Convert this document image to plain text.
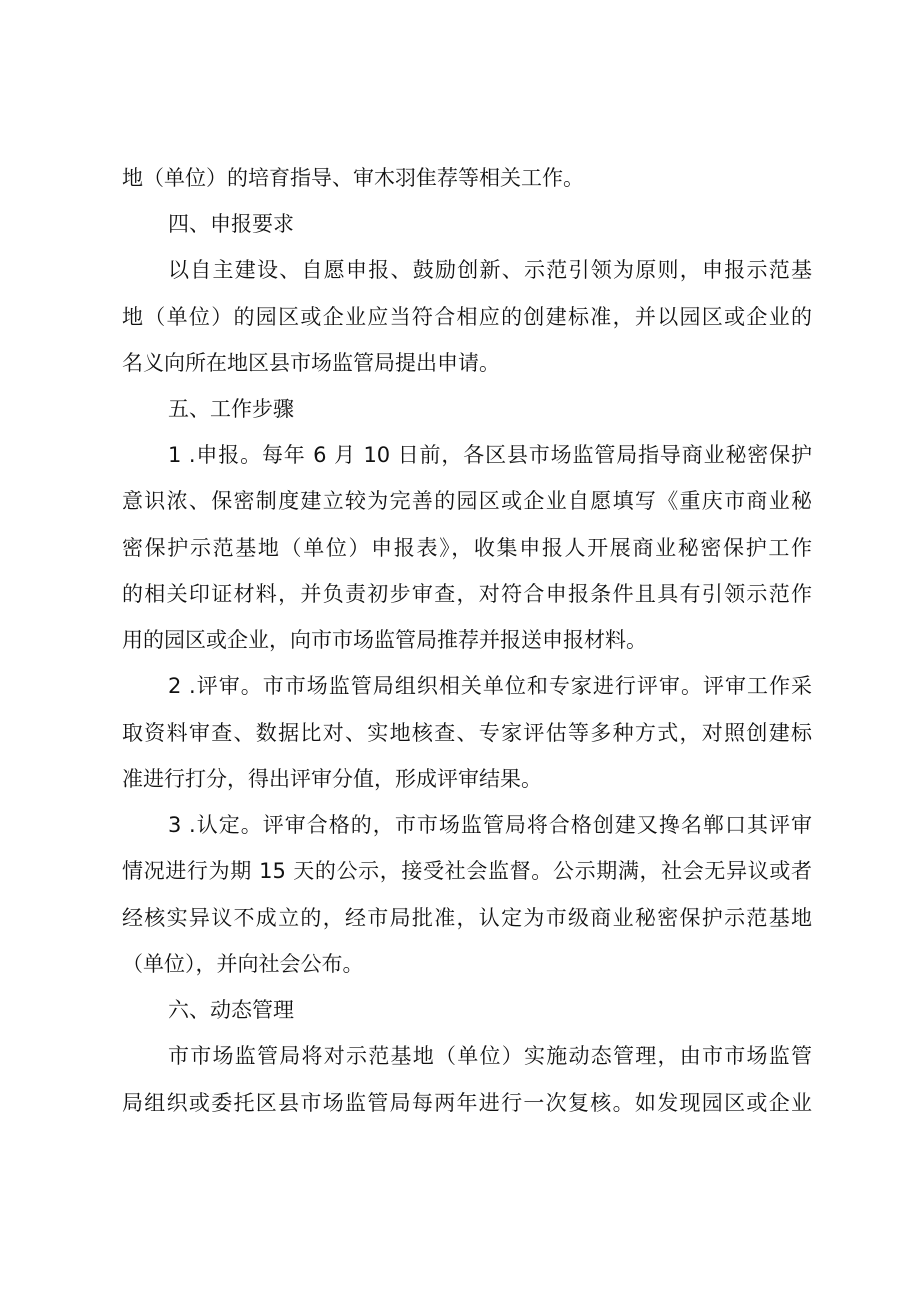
地（单位）的培育指导、审木羽隹荐等相关工作。
四、申报要求
以自主建设、自愿申报、鼓励创新、示范引领为原则，申报示范基
地（单位）的园区或企业应当符合相应的创建标准，并以园区或企业的
名义向所在地区县市场监管局提出申请。
五、工作步骤
1 .申报。每年 6 月 10 日前，各区县市场监管局指导商业秘密保护
意识浓、保密制度建立较为完善的园区或企业自愿填写《重庆市商业秘
密保护示范基地（单位）申报表》，收集申报人开展商业秘密保护工作
的相关印证材料，并负责初步审查，对符合申报条件且具有引领示范作
用的园区或企业，向市市场监管局推荐并报送申报材料。
2 .评审。市市场监管局组织相关单位和专家进行评审。评审工作采
取资料审查、数据比对、实地核查、专家评估等多种方式，对照创建标
准进行打分，得出评审分值，形成评审结果。
3 .认定。评审合格的，市市场监管局将合格创建又搀名郸口其评审
情况进行为期 15 天的公示，接受社会监督。公示期满，社会无异议或者
经核实异议不成立的，经市局批准，认定为市级商业秘密保护示范基地
（单位），并向社会公布。
六、动态管理
市市场监管局将对示范基地（单位）实施动态管理，由市市场监管
局组织或委托区县市场监管局每两年进行一次复核。如发现园区或企业
